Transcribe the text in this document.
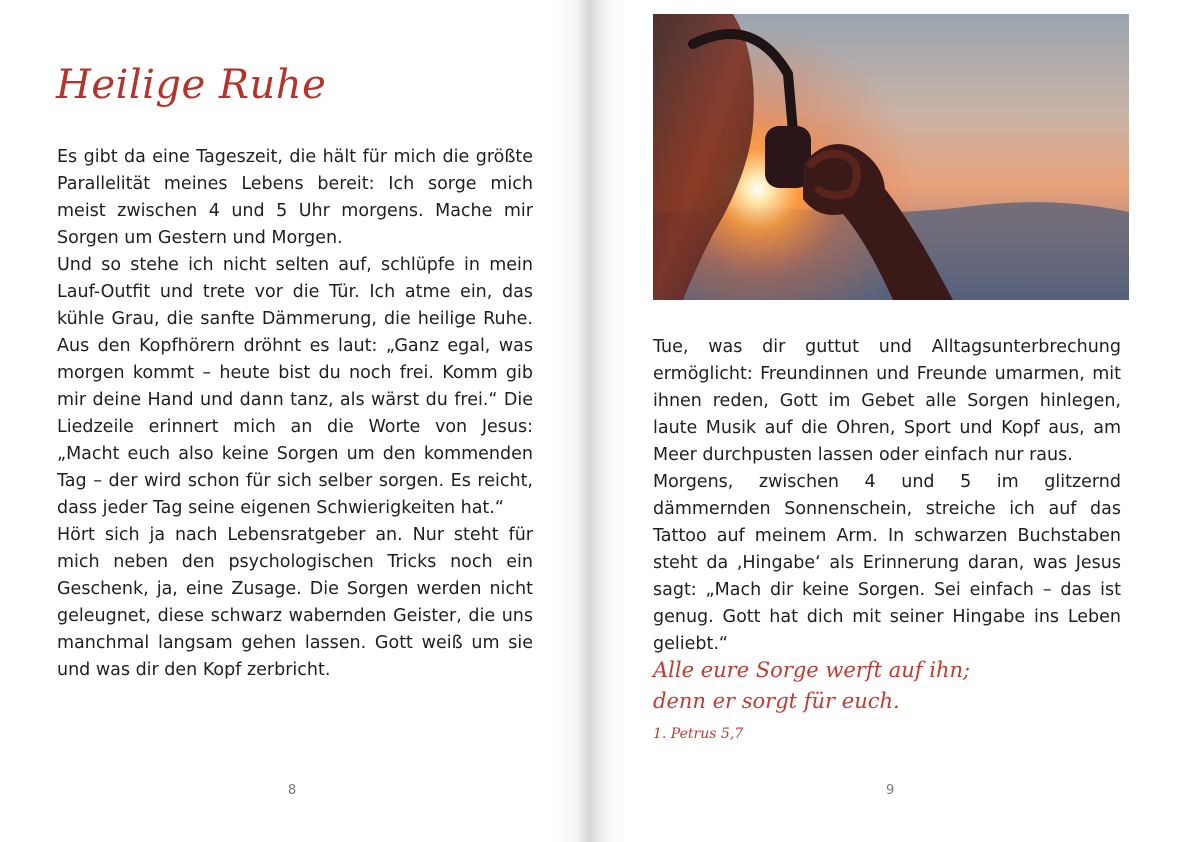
Heilige Ruhe

Es gibt da eine Tageszeit, die hält für mich die größte Parallelität meines Lebens bereit: Ich sorge mich meist zwischen 4 und 5 Uhr morgens. Mache mir Sorgen um Gestern und Morgen.

Und so stehe ich nicht selten auf, schlüpfe in mein Lauf-Outfit und trete vor die Tür. Ich atme ein, das kühle Grau, die sanfte Dämmerung, die heilige Ruhe. Aus den Kopfhörern dröhnt es laut: „Ganz egal, was morgen kommt – heute bist du noch frei. Komm gib mir deine Hand und dann tanz, als wärst du frei.“ Die Liedzeile erinnert mich an die Worte von Jesus: „Macht euch also keine Sorgen um den kommenden Tag – der wird schon für sich selber sorgen. Es reicht, dass jeder Tag seine eigenen Schwierigkeiten hat.“

Hört sich ja nach Lebensratgeber an. Nur steht für mich neben den psychologischen Tricks noch ein Geschenk, ja, eine Zusage. Die Sorgen werden nicht geleugnet, diese schwarz wabernden Geister, die uns manchmal langsam gehen lassen. Gott weiß um sie und was dir den Kopf zerbricht.

8

Tue, was dir guttut und Alltagsunterbrechung ermöglicht: Freundinnen und Freunde umarmen, mit ihnen reden, Gott im Gebet alle Sorgen hinlegen, laute Musik auf die Ohren, Sport und Kopf aus, am Meer durchpusten lassen oder einfach nur raus.

Morgens, zwischen 4 und 5 im glitzernd dämmernden Sonnenschein, streiche ich auf das Tattoo auf meinem Arm. In schwarzen Buchstaben steht da ‚Hingabe‘ als Erinnerung daran, was Jesus sagt: „Mach dir keine Sorgen. Sei einfach – das ist genug. Gott hat dich mit seiner Hingabe ins Leben geliebt.“

Alle eure Sorge werft auf ihn;
denn er sorgt für euch.
1. Petrus 5,7
9
